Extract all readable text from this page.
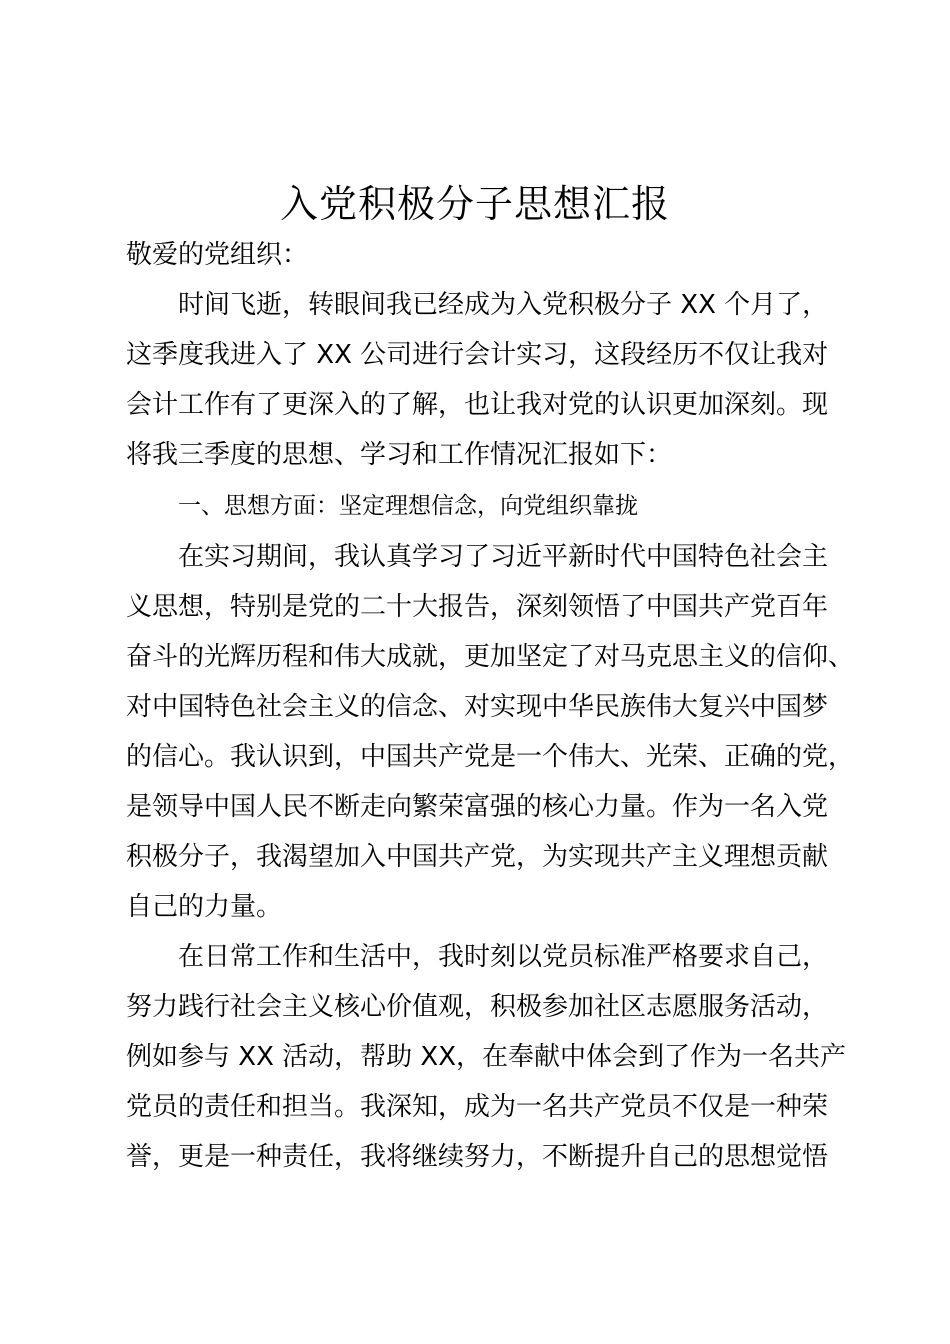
入党积极分子思想汇报
敬爱的党组织：
时间飞逝，转眼间我已经成为入党积极分子 XX 个月了，
这季度我进入了 XX 公司进行会计实习，这段经历不仅让我对
会计工作有了更深入的了解，也让我对党的认识更加深刻。现
将我三季度的思想、学习和工作情况汇报如下：
一、思想方面：坚定理想信念，向党组织靠拢
在实习期间，我认真学习了习近平新时代中国特色社会主
义思想，特别是党的二十大报告，深刻领悟了中国共产党百年
奋斗的光辉历程和伟大成就，更加坚定了对马克思主义的信仰、
对中国特色社会主义的信念、对实现中华民族伟大复兴中国梦
的信心。我认识到，中国共产党是一个伟大、光荣、正确的党，
是领导中国人民不断走向繁荣富强的核心力量。作为一名入党
积极分子，我渴望加入中国共产党，为实现共产主义理想贡献
自己的力量。
在日常工作和生活中，我时刻以党员标准严格要求自己，
努力践行社会主义核心价值观，积极参加社区志愿服务活动，
例如参与 XX 活动，帮助 XX，在奉献中体会到了作为一名共产
党员的责任和担当。我深知，成为一名共产党员不仅是一种荣
誉，更是一种责任，我将继续努力，不断提升自己的思想觉悟
